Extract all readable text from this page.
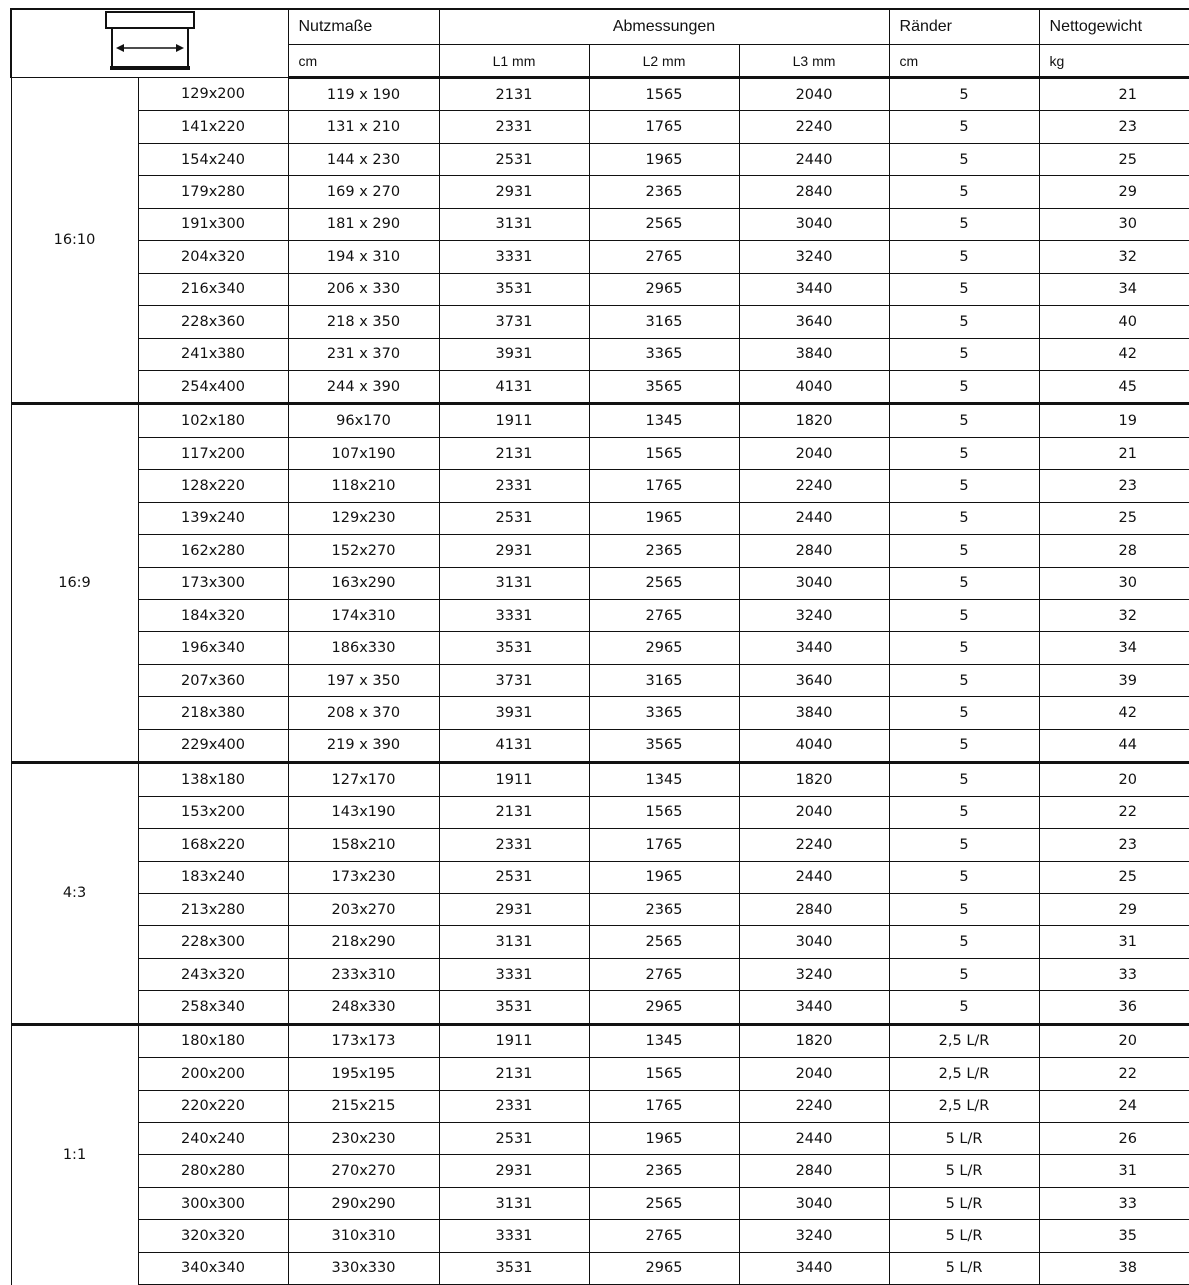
	Nutzmaße	Abmessungen			Ränder	Nettogewicht
		cm	L1 mm	L2 mm	L3 mm	cm	kg
16:10	129x200	119 x 190	2131	1565	2040	5	21
	141x220	131 x 210	2331	1765	2240	5	23
	154x240	144 x 230	2531	1965	2440	5	25
	179x280	169 x 270	2931	2365	2840	5	29
	191x300	181 x 290	3131	2565	3040	5	30
	204x320	194 x 310	3331	2765	3240	5	32
	216x340	206 x 330	3531	2965	3440	5	34
	228x360	218 x 350	3731	3165	3640	5	40
	241x380	231 x 370	3931	3365	3840	5	42
	254x400	244 x 390	4131	3565	4040	5	45
16:9	102x180	96x170	1911	1345	1820	5	19
	117x200	107x190	2131	1565	2040	5	21
	128x220	118x210	2331	1765	2240	5	23
	139x240	129x230	2531	1965	2440	5	25
	162x280	152x270	2931	2365	2840	5	28
	173x300	163x290	3131	2565	3040	5	30
	184x320	174x310	3331	2765	3240	5	32
	196x340	186x330	3531	2965	3440	5	34
	207x360	197 x 350	3731	3165	3640	5	39
	218x380	208 x 370	3931	3365	3840	5	42
	229x400	219 x 390	4131	3565	4040	5	44
4:3	138x180	127x170	1911	1345	1820	5	20
	153x200	143x190	2131	1565	2040	5	22
	168x220	158x210	2331	1765	2240	5	23
	183x240	173x230	2531	1965	2440	5	25
	213x280	203x270	2931	2365	2840	5	29
	228x300	218x290	3131	2565	3040	5	31
	243x320	233x310	3331	2765	3240	5	33
	258x340	248x330	3531	2965	3440	5	36
1:1	180x180	173x173	1911	1345	1820	2,5 L/R	20
	200x200	195x195	2131	1565	2040	2,5 L/R	22
	220x220	215x215	2331	1765	2240	2,5 L/R	24
	240x240	230x230	2531	1965	2440	5 L/R	26
	280x280	270x270	2931	2365	2840	5 L/R	31
	300x300	290x290	3131	2565	3040	5 L/R	33
	320x320	310x310	3331	2765	3240	5 L/R	35
	340x340	330x330	3531	2965	3440	5 L/R	38
